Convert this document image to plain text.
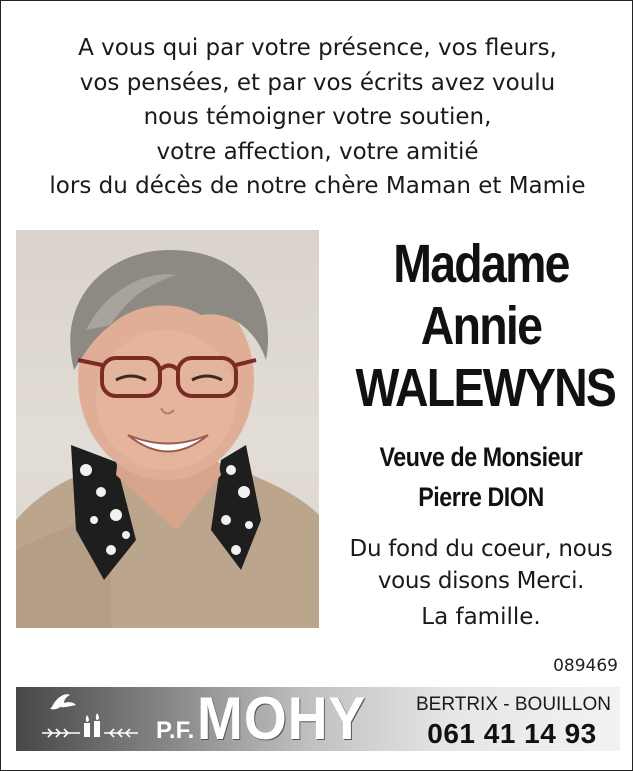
A vous qui par votre présence, vos fleurs,
vos pensées, et par vos écrits avez voulu
nous témoigner votre soutien,
votre affection, votre amitié
lors du décès de notre chère Maman et Mamie
Madame
Annie
WALEWYNS
Veuve de Monsieur
Pierre DION
Du fond du coeur, nous
vous disons Merci.
La famille.
089469
P.F. MOHY	BERTRIX - BOUILLON
061 41 14 93
